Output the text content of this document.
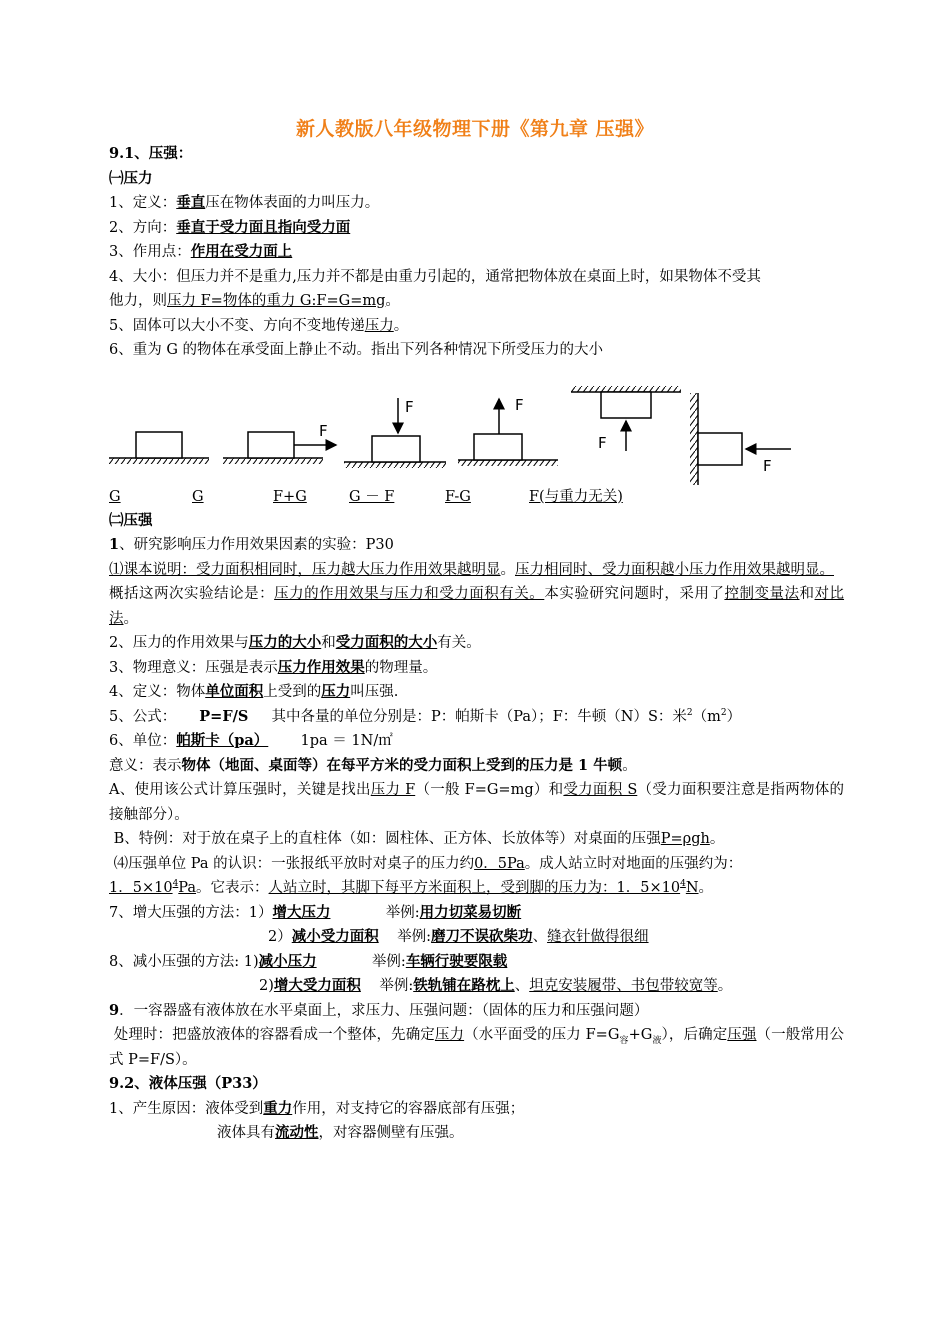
新人教版八年级物理下册《第九章 压强》

9.1、压强：

㈠压力

1、定义：垂直压在物体表面的力叫压力。

2、方向：垂直于受力面且指向受力面

3、作用点：作用在受力面上

4、大小：但压力并不是重力,压力并不都是由重力引起的，通常把物体放在桌面上时，如果物体不受其

他力，则压力 F=物体的重力 G:F=G=mg。

5、固体可以大小不变、方向不变地传递压力。

6、重为 G 的物体在承受面上静止不动。指出下列各种情况下所受压力的大小

F
F	F
F
F
G	G	F+G	G － F	F-G	F(与重力无关)

㈡压强

1、研究影响压力作用效果因素的实验：P30

⑴课本说明：受力面积相同时，压力越大压力作用效果越明显。压力相同时、受力面积越小压力作用效果越明显。

概括这两次实验结论是：压力的作用效果与压力和受力面积有关。本实验研究问题时，采用了控制变量法和对比法。

2、压力的作用效果与压力的大小和受力面积的大小有关。

3、物理意义：压强是表示压力作用效果的物理量。

4、定义：物体单位面积上受到的压力叫压强.

5、公式： P=F/S 其中各量的单位分别是：P：帕斯卡（Pa）；F：牛顿（N）S：米$^2(m^2)$

6、单位：帕斯卡（pa） 1pa ＝ 1N/㎡

意义：表示物体（地面、桌面等）在每平方米的受力面积上受到的压力是 1 牛顿。

A、使用该公式计算压强时，关键是找出压力 F（一般 F=G=mg）和受力面积 S（受力面积要注意是指两物体的接触部分）。

B、特例：对于放在桌子上的直柱体（如：圆柱体、正方体、长放体等）对桌面的压强P=ρgh。

⑷压强单位 Pa 的认识：一张报纸平放时对桌子的压力约0．5Pa。成人站立时对地面的压强约为：

1．$5\times 10^4Pa$。它表示：人站立时，其脚下每平方米面积上，受到脚的压力为：1．$5\times 10^4N$。

7、增大压强的方法：1）增大压力	举例:用力切菜易切断

2）减小受力面积 举例:磨刀不误砍柴功、缝衣针做得很细

8、减小压强的方法: 1)减小压力	举例:车辆行驶要限载

2)增大受力面积 举例:铁轨铺在路枕上、坦克安装履带、书包带较宽等。

9．一容器盛有液体放在水平桌面上，求压力、压强问题：（固体的压力和压强问题）

处理时：把盛放液体的容器看成一个整体，先确定压力（水平面受的压力 $F=G_容+G_液$），后确定压强（一般常用公式 P=F/S）。

9.2、液体压强（P33）

1、产生原因：液体受到重力作用，对支持它的容器底部有压强；

液体具有流动性，对容器侧壁有压强。
